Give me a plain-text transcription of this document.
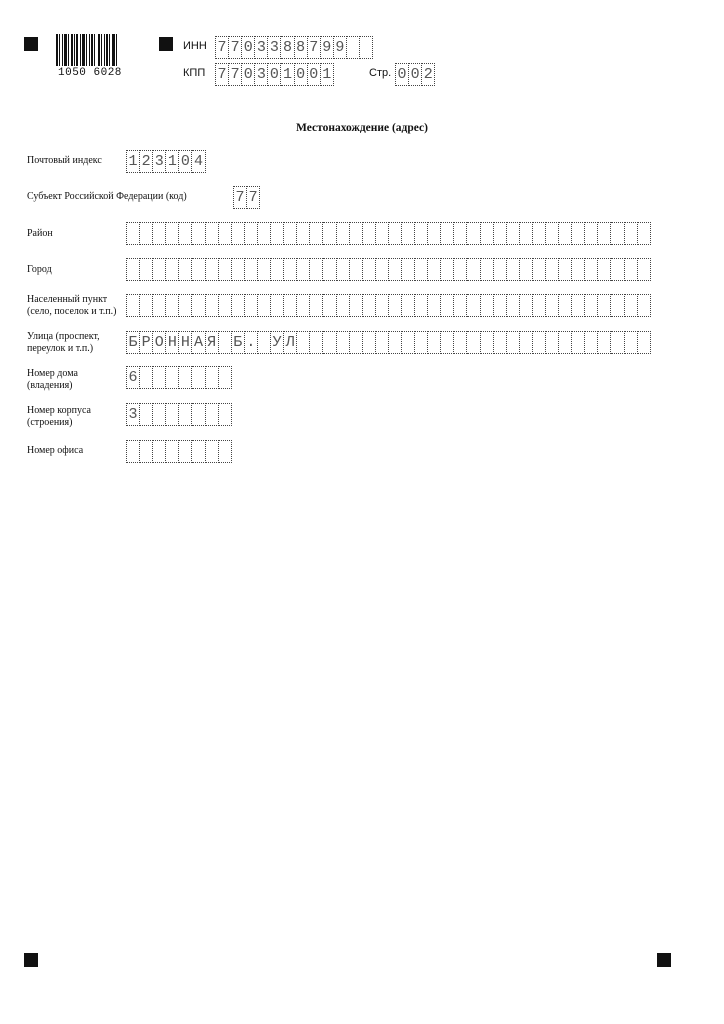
1050 6028
ИНН 7 7 0 3 3 8 8 7 9 9
КПП 7 7 0 3 0 1 0 0 1	Стр. 0 0 2
Местонахождение (адрес)
Почтовый индекс 1 2 3 1 0 4
Субъект Российской Федерации (код)	7 7
Район
Город
Населенный пункт (село, поселок и т.п.)
Улица (проспект, переулок и т.п.)	Б Р О Н Н А Я Б . У Л
Номер дома (владения)	6
Номер корпуса (строения)	3
Номер офиса
